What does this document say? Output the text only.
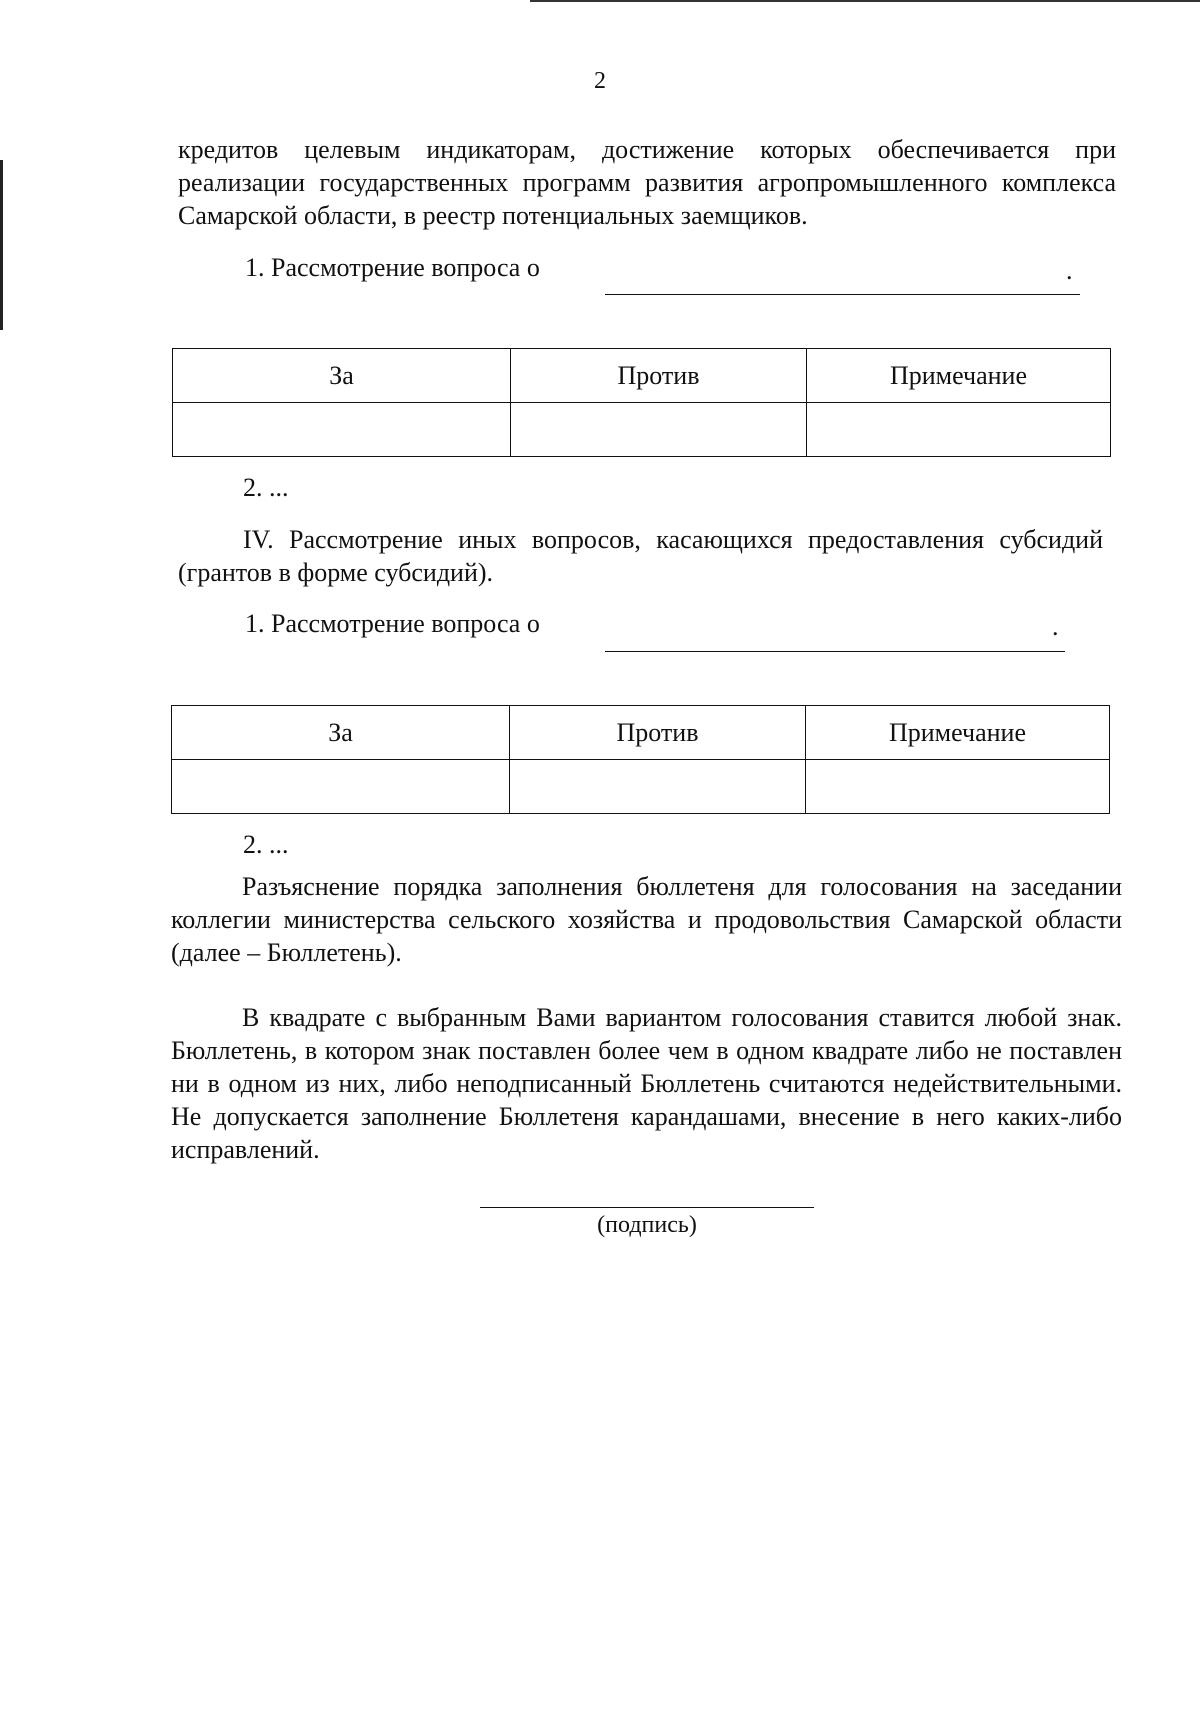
2

кредитов целевым индикаторам, достижение которых обеспечивается при реализации государственных программ развития агропромышленного комплекса Самарской области, в реестр потенциальных заемщиков.

1. Рассмотрение вопроса о	.
За	Против	Примечание

2. ...

IV. Рассмотрение иных вопросов, касающихся предоставления субсидий (грантов в форме субсидий).

1. Рассмотрение вопроса о	.
За	Против	Примечание

2. ...

Разъяснение порядка заполнения бюллетеня для голосования на заседании коллегии министерства сельского хозяйства и продовольствия Самарской области (далее – Бюллетень).

В квадрате с выбранным Вами вариантом голосования ставится любой знак. Бюллетень, в котором знак поставлен более чем в одном квадрате либо не поставлен ни в одном из них, либо неподписанный Бюллетень считаются недействительными. Не допускается заполнение Бюллетеня карандашами, внесение в него каких-либо исправлений.

(подпись)
